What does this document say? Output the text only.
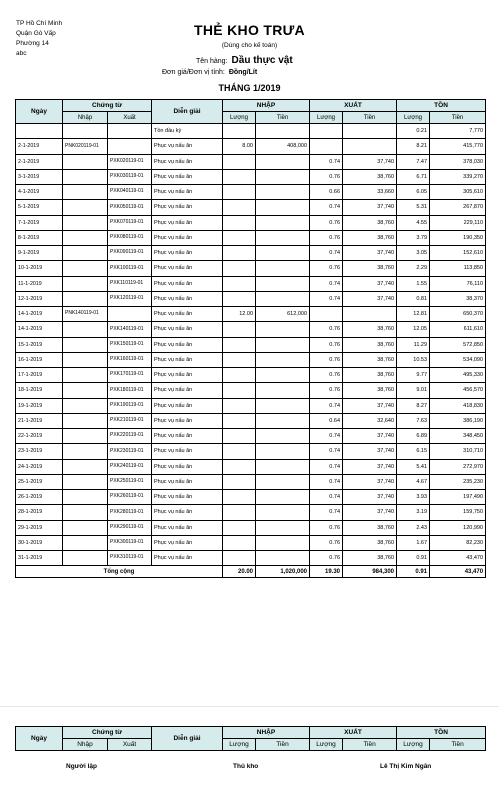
TP Hồ Chí Minh
Quận Gò Vấp
Phường 14
abc
THẺ KHO TRƯA
(Dùng cho kế toán)
Tên hàng: Dầu thực vật
Đơn giá/Đơn vị tính: Đồng/Lít
THÁNG 1/2019
Ngày	Chứng từ		Diễn giải	NHẬP		XUẤT		TỒN	
	Nhập	Xuất		Lượng	Tiền	Lượng	Tiền	Lượng	Tiền
			Tồn đầu kỳ					0.21	7,770
2-1-2019	PNK020119-01		Phục vụ nấu ăn	8.00	408,000			8.21	415,770
2-1-2019		PXK020119-01	Phục vụ nấu ăn			0.74	37,740	7.47	378,030
3-1-2019		PXK030119-01	Phục vụ nấu ăn			0.76	38,760	6.71	339,270
4-1-2019		PXK040119-01	Phục vụ nấu ăn			0.66	33,660	6.05	305,610
5-1-2019		PXK050119-01	Phục vụ nấu ăn			0.74	37,740	5.31	267,870
7-1-2019		PXK070119-01	Phục vụ nấu ăn			0.76	38,760	4.55	229,110
8-1-2019		PXK080119-01	Phục vụ nấu ăn			0.76	38,760	3.79	190,350
9-1-2019		PXK090119-01	Phục vụ nấu ăn			0.74	37,740	3.05	152,610
10-1-2019		PXK100119-01	Phục vụ nấu ăn			0.76	38,760	2.29	113,850
11-1-2019		PXK110119-01	Phục vụ nấu ăn			0.74	37,740	1.55	76,110
12-1-2019		PXK120119-01	Phục vụ nấu ăn			0.74	37,740	0.81	38,370
14-1-2019	PNK140119-01		Phục vụ nấu ăn	12.00	612,000			12.81	650,370
14-1-2019		PXK140119-01	Phục vụ nấu ăn			0.76	38,760	12.05	611,610
15-1-2019		PXK150119-01	Phục vụ nấu ăn			0.76	38,760	11.29	572,850
16-1-2019		PXK160119-01	Phục vụ nấu ăn			0.76	38,760	10.53	534,090
17-1-2019		PXK170119-01	Phục vụ nấu ăn			0.76	38,760	9.77	495,330
18-1-2019		PXK180119-01	Phục vụ nấu ăn			0.76	38,760	9.01	456,570
19-1-2019		PXK190119-01	Phục vụ nấu ăn			0.74	37,740	8.27	418,830
21-1-2019		PXK210119-01	Phục vụ nấu ăn			0.64	32,640	7.63	386,190
22-1-2019		PXK220119-01	Phục vụ nấu ăn			0.74	37,740	6.89	348,450
23-1-2019		PXK230119-01	Phục vụ nấu ăn			0.74	37,740	6.15	310,710
24-1-2019		PXK240119-01	Phục vụ nấu ăn			0.74	37,740	5.41	272,970
25-1-2019		PXK250119-01	Phục vụ nấu ăn			0.74	37,740	4.67	235,230
26-1-2019		PXK260119-01	Phục vụ nấu ăn			0.74	37,740	3.93	197,490
28-1-2019		PXK280119-01	Phục vụ nấu ăn			0.74	37,740	3.19	159,750
29-1-2019		PXK290119-01	Phục vụ nấu ăn			0.76	38,760	2.43	120,990
30-1-2019		PXK300119-01	Phục vụ nấu ăn			0.76	38,760	1.67	82,230
31-1-2019		PXK310119-01	Phục vụ nấu ăn			0.76	38,760	0.91	43,470
Tổng cộng				20.00	1,020,000	19.30	984,300	0.91	43,470
Ngày	Chứng từ		Diễn giải	NHẬP		XUẤT		TỒN	
	Nhập	Xuất		Lượng	Tiền	Lượng	Tiền	Lượng	Tiền
Người lập	Thủ kho	Lê Thị Kim Ngân
